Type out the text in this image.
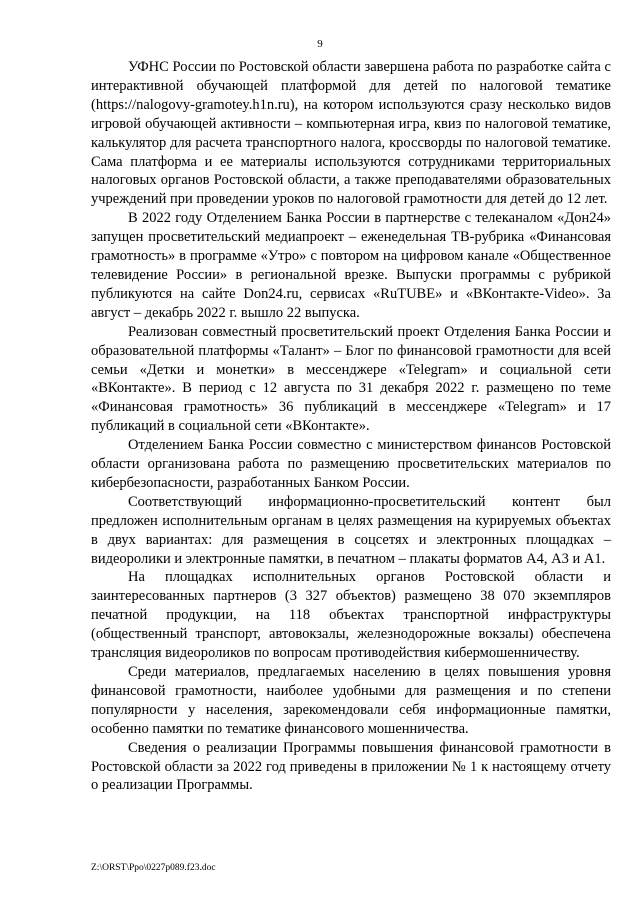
9

УФНС России по Ростовской области завершена работа по разработке сайта с интерактивной обучающей платформой для детей по налоговой тематике (https://nalogovy-gramotey.h1n.ru), на котором используются сразу несколько видов игровой обучающей активности – компьютерная игра, квиз по налоговой тематике, калькулятор для расчета транспортного налога, кроссворды по налоговой тематике. Сама платформа и ее материалы используются сотрудниками территориальных налоговых органов Ростовской области, а также преподавателями образовательных учреждений при проведении уроков по налоговой грамотности для детей до 12 лет.

В 2022 году Отделением Банка России в партнерстве с телеканалом «Дон24» запущен просветительский медиапроект – еженедельная ТВ-рубрика «Финансовая грамотность» в программе «Утро» с повтором на цифровом канале «Общественное телевидение России» в региональной врезке. Выпуски программы с рубрикой публикуются на сайте Don24.ru, сервисах «RuTUBE» и «ВКонтакте-Video». За август – декабрь 2022 г. вышло 22 выпуска.

Реализован совместный просветительский проект Отделения Банка России и образовательной платформы «Талант» – Блог по финансовой грамотности для всей семьи «Детки и монетки» в мессенджере «Telegram» и социальной сети «ВКонтакте». В период с 12 августа по 31 декабря 2022 г. размещено по теме «Финансовая грамотность» 36 публикаций в мессенджере «Telegram» и 17 публикаций в социальной сети «ВКонтакте».

Отделением Банка России совместно с министерством финансов Ростовской области организована работа по размещению просветительских материалов по кибербезопасности, разработанных Банком России.

Соответствующий информационно-просветительский контент был предложен исполнительным органам в целях размещения на курируемых объектах в двух вариантах: для размещения в соцсетях и электронных площадках – видеоролики и электронные памятки, в печатном – плакаты форматов А4, А3 и А1.

На площадках исполнительных органов Ростовской области и заинтересованных партнеров (3 327 объектов) размещено 38 070 экземпляров печатной продукции, на 118 объектах транспортной инфраструктуры (общественный транспорт, автовокзалы, железнодорожные вокзалы) обеспечена трансляция видеороликов по вопросам противодействия кибермошенничеству.

Среди материалов, предлагаемых населению в целях повышения уровня финансовой грамотности, наиболее удобными для размещения и по степени популярности у населения, зарекомендовали себя информационные памятки, особенно памятки по тематике финансового мошенничества.

Сведения о реализации Программы повышения финансовой грамотности в Ростовской области за 2022 год приведены в приложении № 1 к настоящему отчету о реализации Программы.

Z:\ORST\Ppo\0227p089.f23.doc
